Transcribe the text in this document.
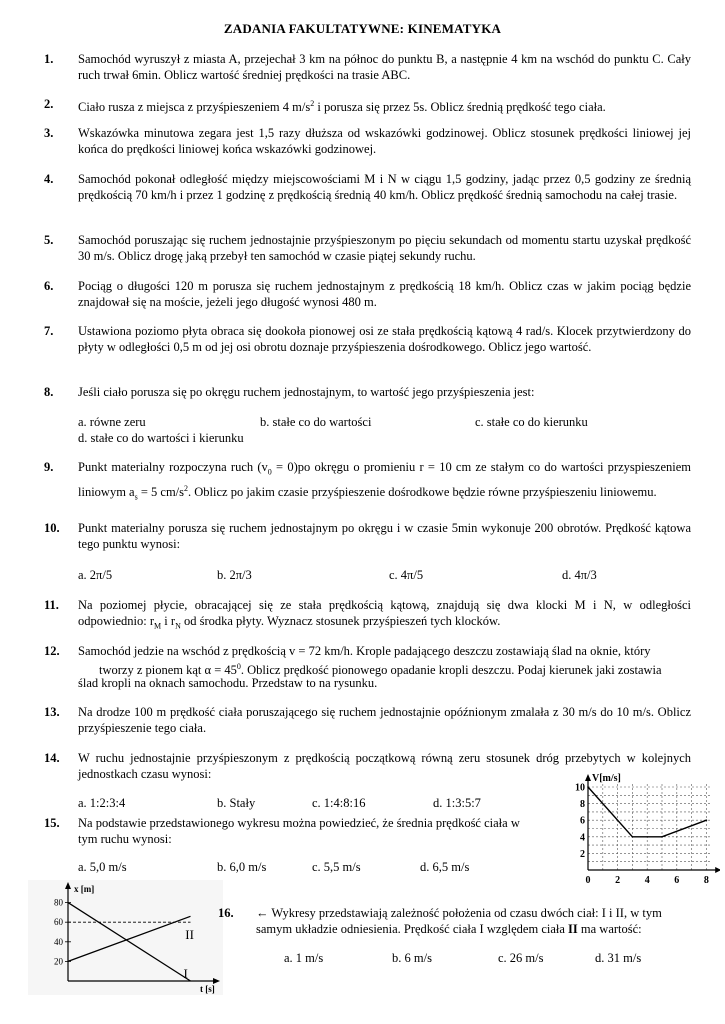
ZADANIA FAKULTATYWNE: KINEMATYKA
1.	Samochód wyruszył z miasta A, przejechał 3 km na północ do punktu B, a następnie 4 km na wschód do punktu C. Cały ruch trwał 6min. Oblicz wartość średniej prędkości na trasie ABC.
2.	Ciało rusza z miejsca z przyśpieszeniem 4 $m/s^2$ i porusza się przez 5s. Oblicz średnią prędkość tego ciała.
3.	Wskazówka minutowa zegara jest 1,5 razy dłuższa od wskazówki godzinowej. Oblicz stosunek prędkości liniowej jej końca do prędkości liniowej końca wskazówki godzinowej.
4.	Samochód pokonał odległość między miejscowościami M i N w ciągu 1,5 godziny, jadąc przez 0,5 godziny ze średnią prędkością 70 km/h i przez 1 godzinę z prędkością średnią 40 km/h. Oblicz prędkość średnią samochodu na całej trasie.
5.	Samochód poruszając się ruchem jednostajnie przyśpieszonym po pięciu sekundach od momentu startu uzyskał prędkość 30 m/s. Oblicz drogę jaką przebył ten samochód w czasie piątej sekundy ruchu.
6.	Pociąg o długości 120 m porusza się ruchem jednostajnym z prędkością 18 km/h. Oblicz czas w jakim pociąg będzie znajdował się na moście, jeżeli jego długość wynosi 480 m.
7.	Ustawiona poziomo płyta obraca się dookoła pionowej osi ze stała prędkością kątową 4 rad/s. Klocek przytwierdzony do płyty w odległości 0,5 m od jej osi obrotu doznaje przyśpieszenia dośrodkowego. Oblicz jego wartość.
8.	Jeśli ciało porusza się po okręgu ruchem jednostajnym, to wartość jego przyśpieszenia jest:
a. równe zeru	b. stałe co do wartości	c. stałe co do kierunku
d. stałe co do wartości i kierunku
9.	Punkt materialny rozpoczyna ruch $(v_0 = 0)po$ okręgu o promieniu r = 10 cm ze stałym co do wartości przyspieszeniem liniowym $a_s = 5$ $cm/s^2$. Oblicz po jakim czasie przyśpieszenie dośrodkowe będzie równe przyśpieszeniu liniowemu.
10.	Punkt materialny porusza się ruchem jednostajnym po okręgu i w czasie 5min wykonuje 200 obrotów. Prędkość kątowa tego punktu wynosi:
a. 2π/5	b. 2π/3	c. 4π/5	d. 4π/3
11.	Na poziomej płycie, obracającej się ze stała prędkością kątową, znajdują się dwa klocki M i N, w odległości odpowiednio: $r_M$ i $r_N$ od środka płyty. Wyznacz stosunek przyśpieszeń tych klocków.
12.	Samochód jedzie na wschód z prędkością v = 72 km/h. Krople padającego deszczu zostawiają ślad na oknie, który
tworzy z pionem kąt $\alpha = 45^0$. Oblicz prędkość pionowego opadanie kropli deszczu. Podaj kierunek jaki zostawia
ślad kropli na oknach samochodu. Przedstaw to na rysunku.
13.	Na drodze 100 m prędkość ciała poruszającego się ruchem jednostajnie opóźnionym zmalała z 30 m/s do 10 m/s. Oblicz przyśpieszenie tego ciała.
14.	W ruchu jednostajnie przyśpieszonym z prędkością początkową równą zeru stosunek dróg przebytych w kolejnych jednostkach czasu wynosi:
a. 1:2:3:4	b. Stały	c. 1:4:8:16	d. 1:3:5:7
15.	Na podstawie przedstawionego wykresu można powiedzieć, że średnia prędkość ciała w
tym ruchu wynosi:
a. 5,0 m/s	b. 6,0 m/s	c. 5,5 m/s	d. 6,5 m/s
V[m/s]
0 2 4 6 8
2
4
6
8
10
x [m]
t [s]
20
40
60
80
I
II
16.	← Wykresy przedstawiają zależność położenia od czasu dwóch ciał: I i II, w tym samym układzie odniesienia. Prędkość ciała I względem ciała II ma wartość:
a. 1 m/s	b. 6 m/s	c. 26 m/s	d. 31 m/s
